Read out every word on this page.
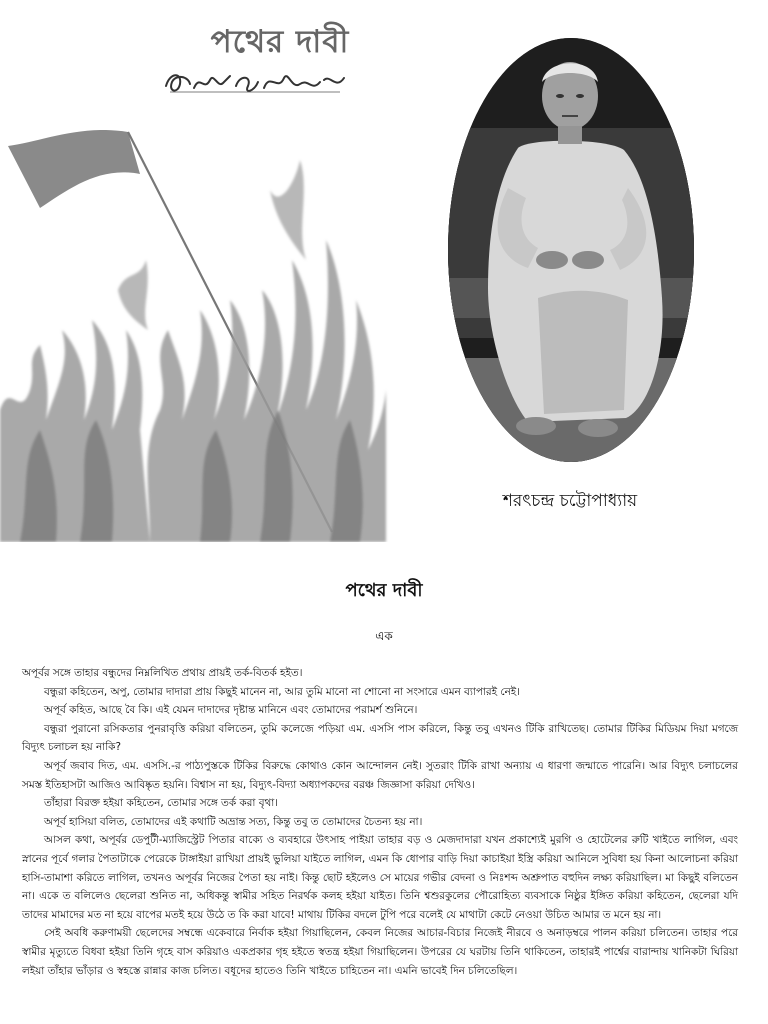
পথের দাবী
শরৎচন্দ্র চট্টোপাধ্যায়
পথের দাবী
এক

অপূর্বর সঙ্গে তাহার বন্ধুদের নিম্নলিখিত প্রথায় প্রায়ই তর্ক-বিতর্ক হইত।

বন্ধুরা কহিতেন, অপু, তোমার দাদারা প্রায় কিছুই মানেন না, আর তুমি মানো না শোনো না সংসারে এমন ব্যাপারই নেই।

অপূর্ব কহিত, আছে বৈ কি। এই যেমন দাদাদের দৃষ্টান্ত মানিনে এবং তোমাদের পরামর্শ শুনিনে।

বন্ধুরা পুরানো রসিকতার পুনরাবৃত্তি করিয়া বলিতেন, তুমি কলেজে পড়িয়া এম. এস‌সি পাস করিলে, কিন্তু তবু এখনও টিকি রাখিতেছ। তোমার টিকির মিডিয়ম দিয়া মগজে বিদ্যুৎ চলাচল হয় নাকি?

অপূর্ব জবাব দিত, এম. এস‌সি.-র পাঠ্যপুস্তকে টিকির বিরুদ্ধে কোথাও কোন আন্দোলন নেই। সুতরাং টিকি রাখা অন্যায় এ ধারণা জন্মাতে পারেনি। আর বিদ্যুৎ চলাচলের সমস্ত ইতিহাসটা আজিও আবিষ্কৃত হয়নি। বিশ্বাস না হয়, বিদ্যুৎ-বিদ্যা অধ্যাপকদের বরঞ্চ জিজ্ঞাসা করিয়া দেখিও।

তাঁহারা বিরক্ত হইয়া কহিতেন, তোমার সঙ্গে তর্ক করা বৃথা।

অপূর্ব হাসিয়া বলিত, তোমাদের এই কথাটি অভ্রান্ত সত্য, কিন্তু তবু ত তোমাদের চৈতন্য হয় না।

আসল কথা, অপূর্বর ডেপুটী-ম্যাজিস্ট্রেট পিতার বাক্যে ও ব্যবহারে উৎসাহ পাইয়া তাহার বড় ও মেজদাদারা যখন প্রকাশ্যেই মুরগি ও হোটেলের রুটি খাইতে লাগিল, এবং স্নানের পূর্বে গলার পৈতাটাকে পেরেকে টাঙ্গাইয়া রাখিয়া প্রায়ই ভুলিয়া যাইতে লাগিল, এমন কি ধোপার বাড়ি দিয়া কাচাইয়া ইস্ত্রি করিয়া আনিলে সুবিধা হয় কিনা আলোচনা করিয়া হাসি-তামাশা করিতে লাগিল, তখনও অপূর্বর নিজের পৈতা হয় নাই। কিন্তু ছোট হইলেও সে মায়ের গভীর বেদনা ও নিঃশব্দ অশ্রুপাত বহুদিন লক্ষ্য করিয়াছিল। মা কিছুই বলিতেন না। একে ত বলিলেও ছেলেরা শুনিত না, অধিকন্তু স্বামীর সহিত নিরর্থক কলহ হইয়া যাইত। তিনি শ্বশুরকুলের পৌরোহিত্য ব্যবসাকে নিষ্ঠুর ইঙ্গিত করিয়া কহিতেন, ছেলেরা যদি তাদের মামাদের মত না হয়ে বাপের মতই হয়ে উঠে ত কি করা যাবে! মাথায় টিকির বদলে টুপি পরে বলেই যে মাথাটা কেটে নেওয়া উচিত আমার ত মনে হয় না।

সেই অবধি করুণাময়ী ছেলেদের সম্বন্ধে একেবারে নির্বাক হইয়া গিয়াছিলেন, কেবল নিজের আচার-বিচার নিজেই নীরবে ও অনাড়ম্বরে পালন করিয়া চলিতেন। তাহার পরে স্বামীর মৃত্যুতে বিধবা হইয়া তিনি গৃহে বাস করিয়াও একপ্রকার গৃহ হইতে স্বতন্ত্র হইয়া গিয়াছিলেন। উপরের যে ঘরটায় তিনি থাকিতেন, তাহারই পার্শ্বের বারান্দায় খানিকটা ঘিরিয়া লইয়া তাঁহার ভাঁড়ার ও স্বহস্তে রান্নার কাজ চলিত। বধূদের হাতেও তিনি খাইতে চাহিতেন না। এমনি ভাবেই দিন চলিতেছিল।
